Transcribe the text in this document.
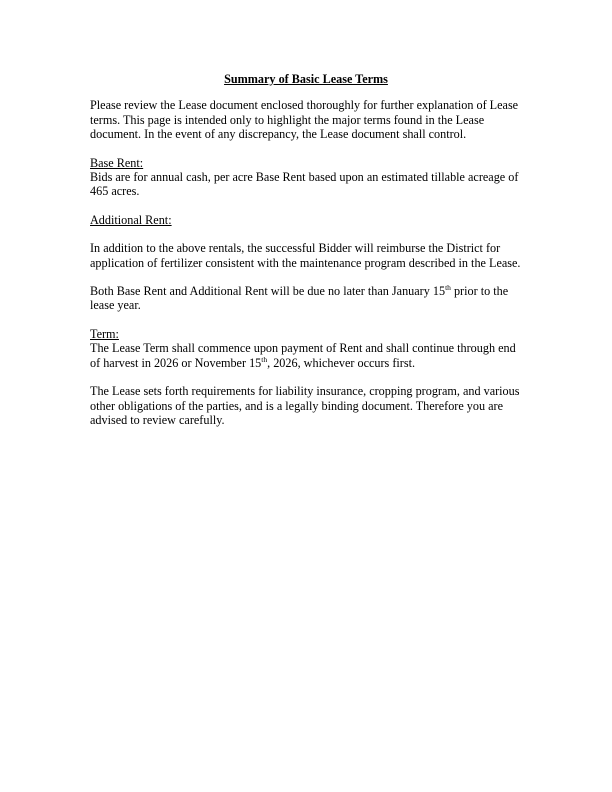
Summary of Basic Lease Terms

Please review the Lease document enclosed thoroughly for further explanation of Lease terms. This page is intended only to highlight the major terms found in the Lease document. In the event of any discrepancy, the Lease document shall control.

Base Rent:
Bids are for annual cash, per acre Base Rent based upon an estimated tillable acreage of 465 acres.

Additional Rent:

In addition to the above rentals, the successful Bidder will reimburse the District for application of fertilizer consistent with the maintenance program described in the Lease.

Both Base Rent and Additional Rent will be due no later than January 15th prior to the lease year.

Term:
The Lease Term shall commence upon payment of Rent and shall continue through end of harvest in 2026 or November 15th, 2026, whichever occurs first.

The Lease sets forth requirements for liability insurance, cropping program, and various other obligations of the parties, and is a legally binding document. Therefore you are advised to review carefully.
